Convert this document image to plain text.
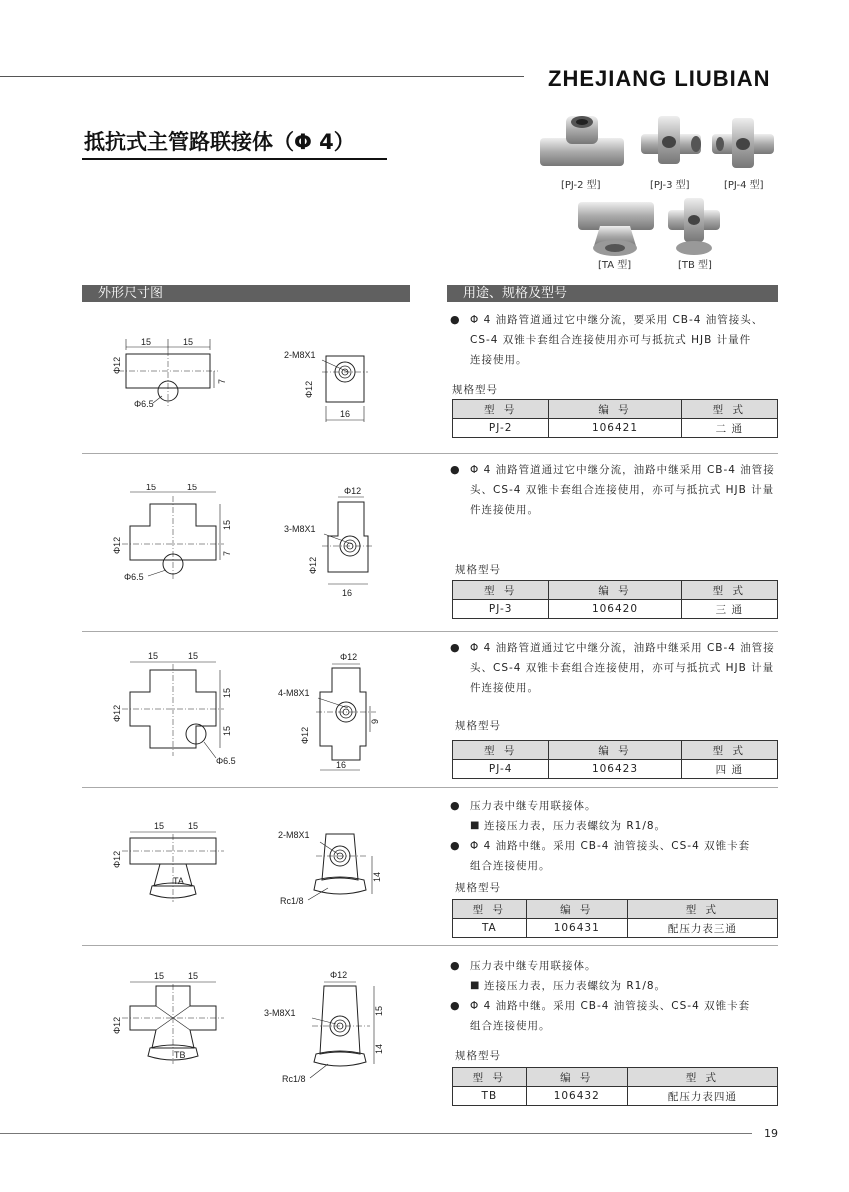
ZHEJIANG LIUBIAN
抵抗式主管路联接体（Φ 4）
[PJ-2 型]	[PJ-3 型]	[PJ-4 型]
[TA 型]	[TB 型]
外形尺寸图	用途、规格及型号
15	15
Φ12
7
Φ6.5
2-M8X1
Φ12
16
● Φ 4 油路管道通过它中继分流，要采用 CB-4 油管接头、
CS-4 双锥卡套组合连接使用亦可与抵抗式 HJB 计量件
连接使用。
规格型号
型 号	编 号	型 式
PJ-2	106421	二 通
15	15
Φ12
15
7
Φ6.5
Φ12
3-M8X1
Φ12
16
● Φ 4 油路管道通过它中继分流，油路中继采用 CB-4 油管接
头、CS-4 双锥卡套组合连接使用，亦可与抵抗式 HJB 计量
件连接使用。
规格型号
型 号	编 号	型 式
PJ-3	106420	三 通
15	15
Φ12
15
15
Φ6.5
Φ12
4-M8X1
Φ12
9
16
● Φ 4 油路管道通过它中继分流，油路中继采用 CB-4 油管接
头、CS-4 双锥卡套组合连接使用，亦可与抵抗式 HJB 计量
件连接使用。
规格型号
型 号	编 号	型 式
PJ-4	106423	四 通
15	15
Φ12
TA
2-M8X1
14
Rc1/8
● 压力表中继专用联接体。
■ 连接压力表，压力表螺纹为 R1/8。
● Φ 4 油路中继。采用 CB-4 油管接头、CS-4 双锥卡套
组合连接使用。
规格型号
型 号	编 号	型 式
TA	106431	配压力表三通
15	15
Φ12
TB
Φ12
3-M8X1	15
14
Rc1/8
● 压力表中继专用联接体。
■ 连接压力表，压力表螺纹为 R1/8。
● Φ 4 油路中继。采用 CB-4 油管接头、CS-4 双锥卡套
组合连接使用。
规格型号
型 号	编 号	型 式
TB	106432	配压力表四通
19
